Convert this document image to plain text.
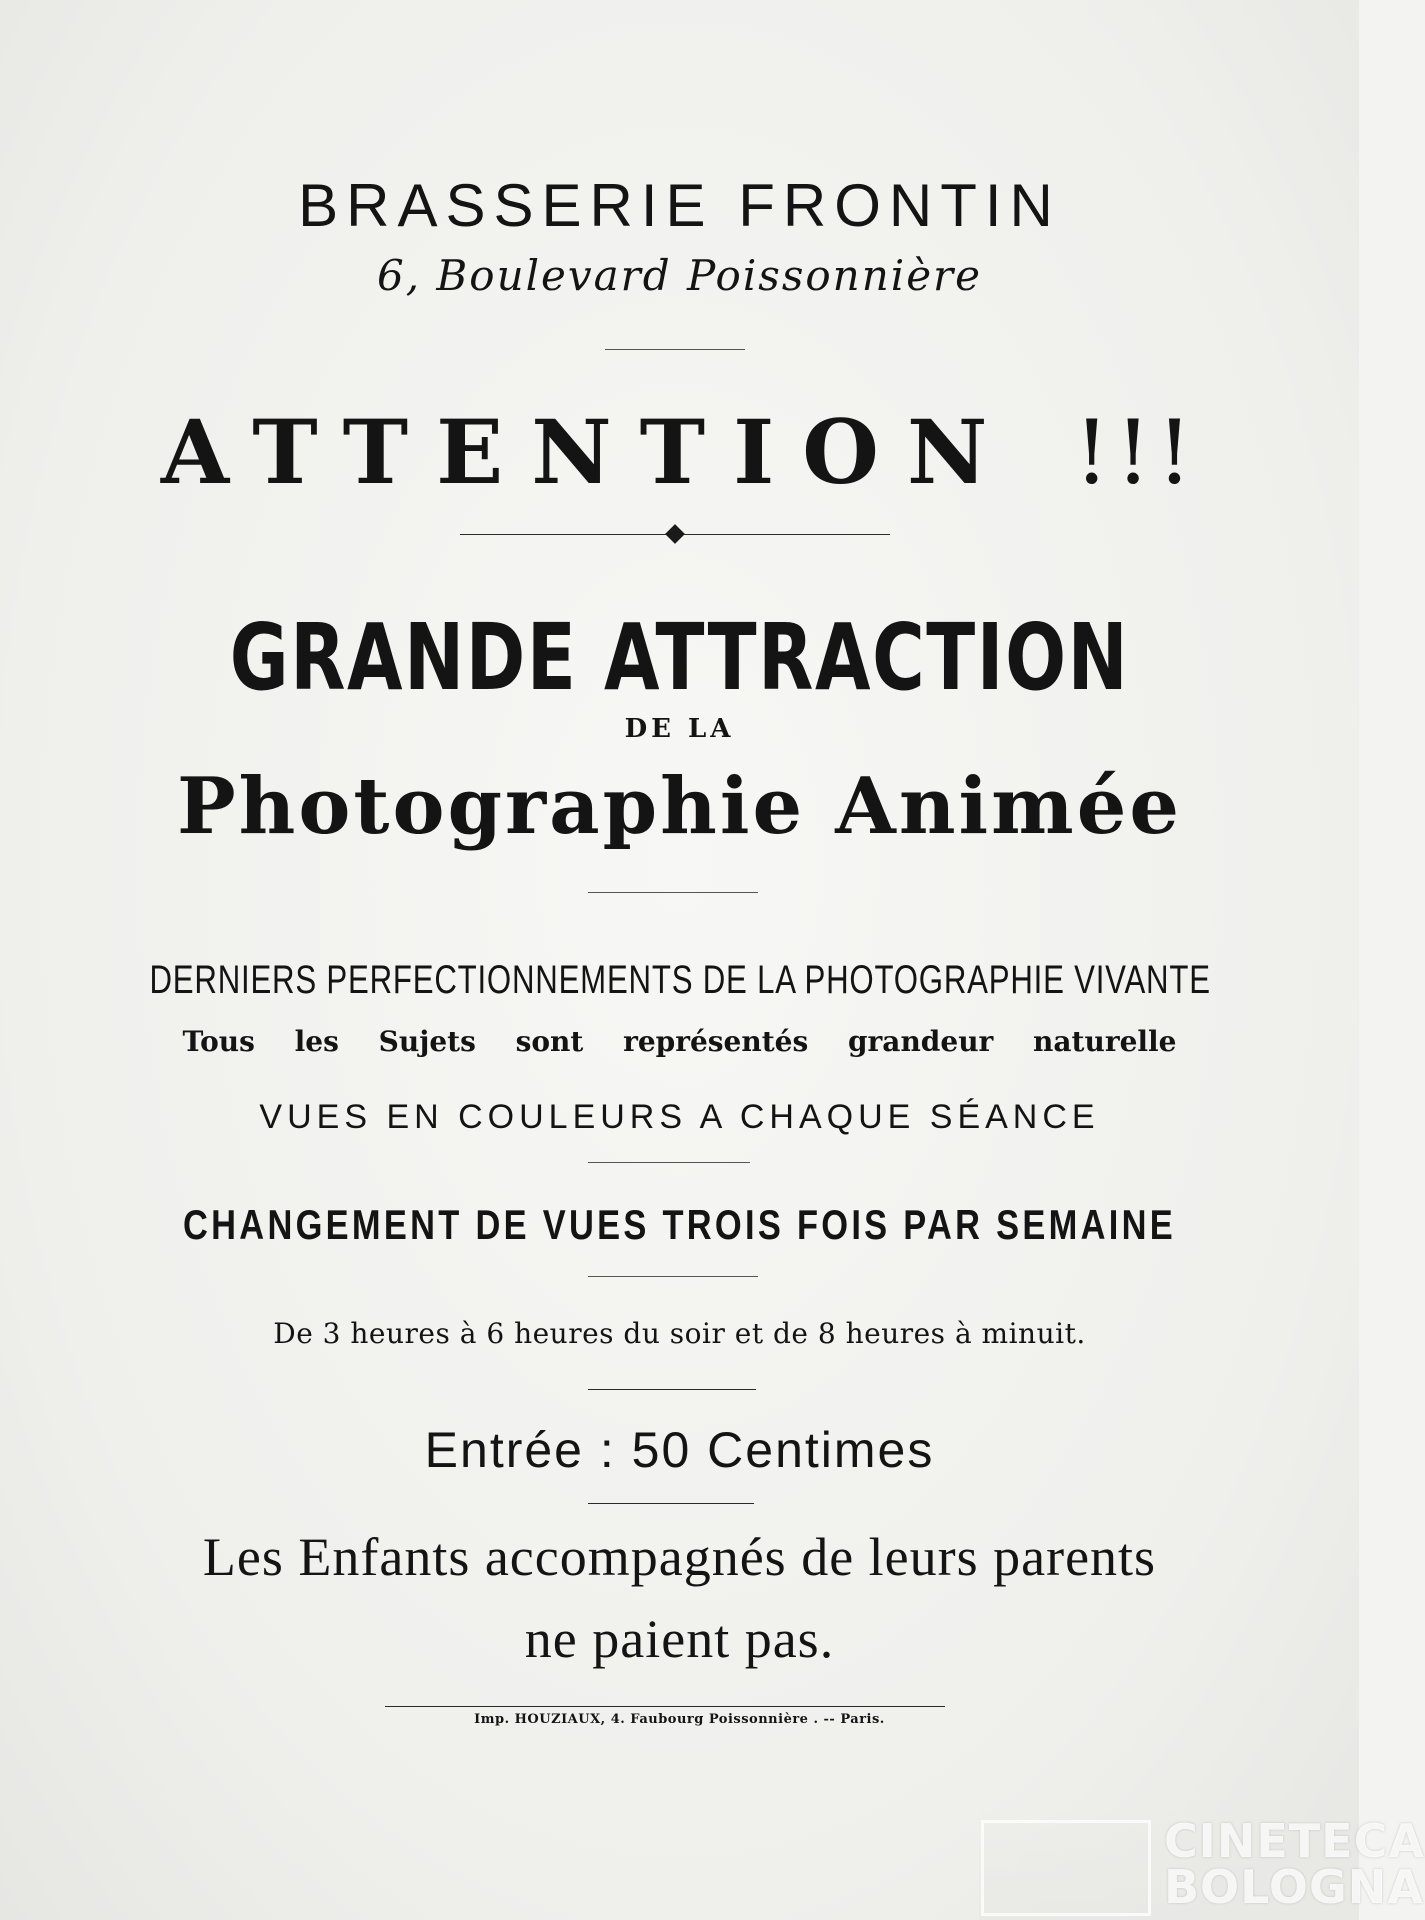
BRASSERIE FRONTIN
6, Boulevard Poissonnière
ATTENTION !!!
GRANDE ATTRACTION
DE LA
Photographie Animée
DERNIERS PERFECTIONNEMENTS DE LA PHOTOGRAPHIE VIVANTE
Tous les Sujets sont représentés grandeur naturelle
VUES EN COULEURS A CHAQUE SÉANCE
CHANGEMENT DE VUES TROIS FOIS PAR SEMAINE
De 3 heures à 6 heures du soir et de 8 heures à minuit.
Entrée : 50 Centimes
Les Enfants accompagnés de leurs parents
ne paient pas.
Imp. HOUZIAUX, 4. Faubourg Poissonnière . -- Paris.
CINETECA
BOLOGNA
